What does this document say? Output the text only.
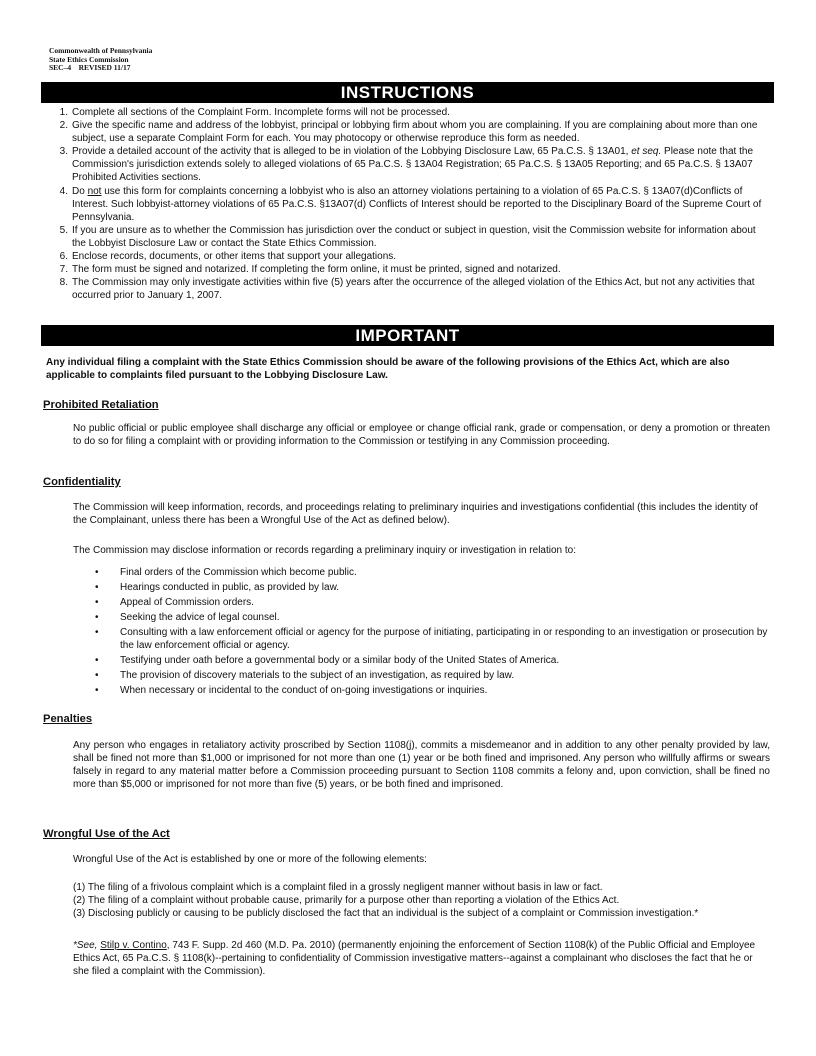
Commonwealth of Pennsylvania
State Ethics Commission
SEC–4    REVISED 11/17
INSTRUCTIONS
1. Complete all sections of the Complaint Form. Incomplete forms will not be processed.
2. Give the specific name and address of the lobbyist, principal or lobbying firm about whom you are complaining. If you are complaining about more than one subject, use a separate Complaint Form for each. You may photocopy or otherwise reproduce this form as needed.
3. Provide a detailed account of the activity that is alleged to be in violation of the Lobbying Disclosure Law, 65 Pa.C.S. § 13A01, et seq. Please note that the Commission's jurisdiction extends solely to alleged violations of 65 Pa.C.S. § 13A04 Registration; 65 Pa.C.S. § 13A05 Reporting; and 65 Pa.C.S. § 13A07 Prohibited Activities sections.
4. Do not use this form for complaints concerning a lobbyist who is also an attorney violations pertaining to a violation of 65 Pa.C.S. § 13A07(d)Conflicts of Interest. Such lobbyist-attorney violations of 65 Pa.C.S. §13A07(d) Conflicts of Interest should be reported to the Disciplinary Board of the Supreme Court of Pennsylvania.
5. If you are unsure as to whether the Commission has jurisdiction over the conduct or subject in question, visit the Commission website for information about the Lobbyist Disclosure Law or contact the State Ethics Commission.
6. Enclose records, documents, or other items that support your allegations.
7. The form must be signed and notarized. If completing the form online, it must be printed, signed and notarized.
8. The Commission may only investigate activities within five (5) years after the occurrence of the alleged violation of the Ethics Act, but not any activities that occurred prior to January 1, 2007.
IMPORTANT
Any individual filing a complaint with the State Ethics Commission should be aware of the following provisions of the Ethics Act, which are also applicable to complaints filed pursuant to the Lobbying Disclosure Law.
Prohibited Retaliation
No public official or public employee shall discharge any official or employee or change official rank, grade or compensation, or deny a promotion or threaten to do so for filing a complaint with or providing information to the Commission or testifying in any Commission proceeding.
Confidentiality
The Commission will keep information, records, and proceedings relating to preliminary inquiries and investigations confidential (this includes the identity of the Complainant, unless there has been a Wrongful Use of the Act as defined below).
The Commission may disclose information or records regarding a preliminary inquiry or investigation in relation to:
• Final orders of the Commission which become public.
• Hearings conducted in public, as provided by law.
• Appeal of Commission orders.
• Seeking the advice of legal counsel.
• Consulting with a law enforcement official or agency for the purpose of initiating, participating in or responding to an investigation or prosecution by the law enforcement official or agency.
• Testifying under oath before a governmental body or a similar body of the United States of America.
• The provision of discovery materials to the subject of an investigation, as required by law.
• When necessary or incidental to the conduct of on-going investigations or inquiries.
Penalties
Any person who engages in retaliatory activity proscribed by Section 1108(j), commits a misdemeanor and in addition to any other penalty provided by law, shall be fined not more than $1,000 or imprisoned for not more than one (1) year or be both fined and imprisoned. Any person who willfully affirms or swears falsely in regard to any material matter before a Commission proceeding pursuant to Section 1108 commits a felony and, upon conviction, shall be fined no more than $5,000 or imprisoned for not more than five (5) years, or be both fined and imprisoned.
Wrongful Use of the Act
Wrongful Use of the Act is established by one or more of the following elements:
(1) The filing of a frivolous complaint which is a complaint filed in a grossly negligent manner without basis in law or fact.
(2) The filing of a complaint without probable cause, primarily for a purpose other than reporting a violation of the Ethics Act.
(3) Disclosing publicly or causing to be publicly disclosed the fact that an individual is the subject of a complaint or Commission investigation.*
*See, Stilp v. Contino, 743 F. Supp. 2d 460 (M.D. Pa. 2010) (permanently enjoining the enforcement of Section 1108(k) of the Public Official and Employee Ethics Act, 65 Pa.C.S. § 1108(k)--pertaining to confidentiality of Commission investigative matters--against a complainant who discloses the fact that he or she filed a complaint with the Commission).
